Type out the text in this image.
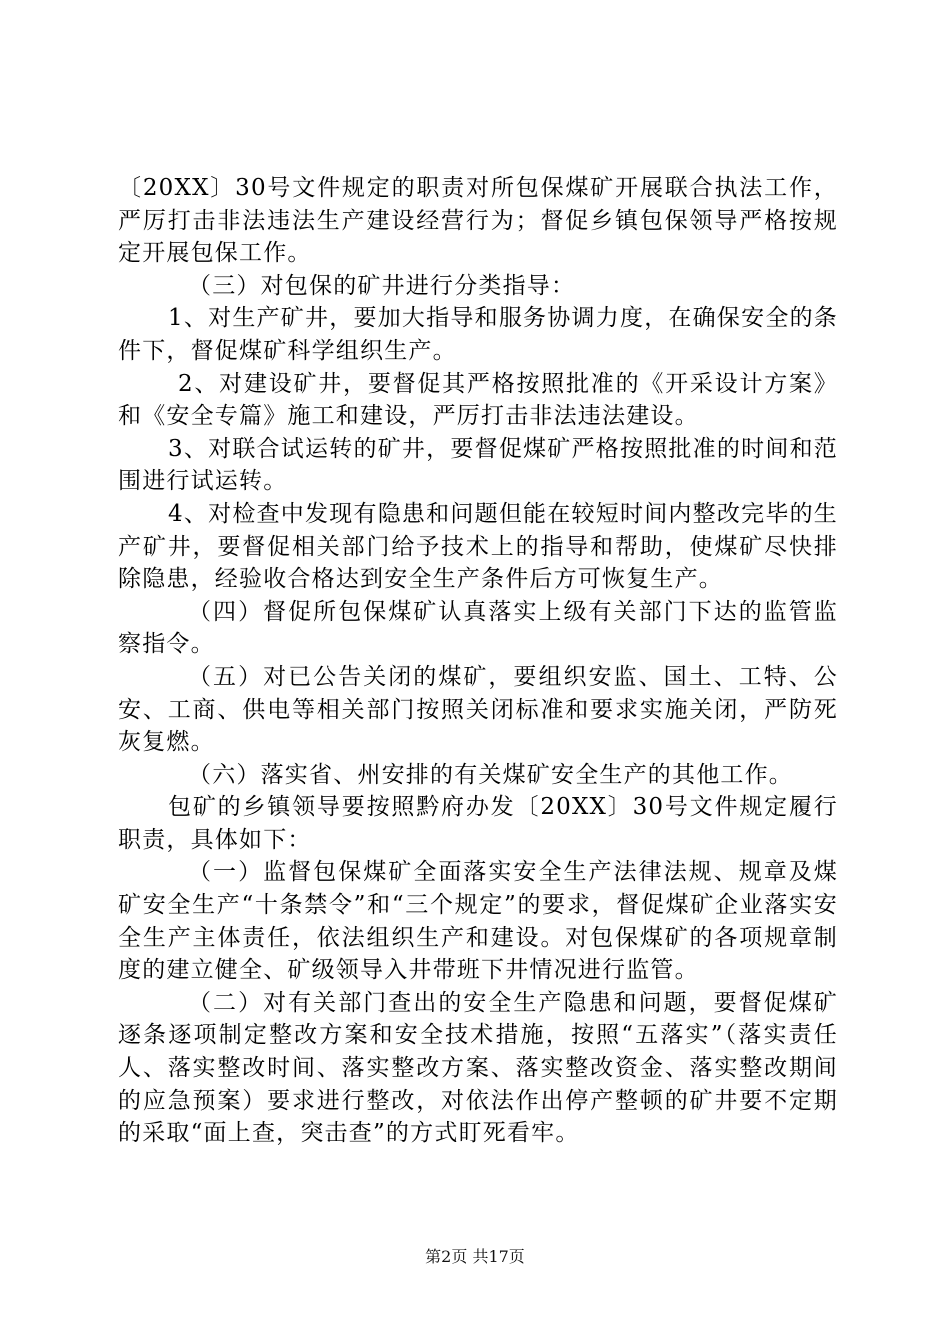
〔20XX〕30号文件规定的职责对所包保煤矿开展联合执法工作，严厉打击非法违法生产建设经营行为；督促乡镇包保领导严格按规定开展包保工作。

（三）对包保的矿井进行分类指导：

1、对生产矿井，要加大指导和服务协调力度，在确保安全的条件下，督促煤矿科学组织生产。

2、对建设矿井，要督促其严格按照批准的《开采设计方案》和《安全专篇》施工和建设，严厉打击非法违法建设。

3、对联合试运转的矿井，要督促煤矿严格按照批准的时间和范围进行试运转。

4、对检查中发现有隐患和问题但能在较短时间内整改完毕的生产矿井，要督促相关部门给予技术上的指导和帮助，使煤矿尽快排除隐患，经验收合格达到安全生产条件后方可恢复生产。

（四）督促所包保煤矿认真落实上级有关部门下达的监管监察指令。

（五）对已公告关闭的煤矿，要组织安监、国土、工特、公安、工商、供电等相关部门按照关闭标准和要求实施关闭，严防死灰复燃。

（六）落实省、州安排的有关煤矿安全生产的其他工作。

包矿的乡镇领导要按照黔府办发〔20XX〕30号文件规定履行职责，具体如下：

（一）监督包保煤矿全面落实安全生产法律法规、规章及煤矿安全生产“十条禁令”和“三个规定”的要求，督促煤矿企业落实安全生产主体责任，依法组织生产和建设。对包保煤矿的各项规章制度的建立健全、矿级领导入井带班下井情况进行监管。

（二）对有关部门查出的安全生产隐患和问题，要督促煤矿逐条逐项制定整改方案和安全技术措施，按照“五落实”（落实责任人、落实整改时间、落实整改方案、落实整改资金、落实整改期间的应急预案）要求进行整改，对依法作出停产整顿的矿井要不定期的采取“面上查，突击查”的方式盯死看牢。

第2页 共17页
